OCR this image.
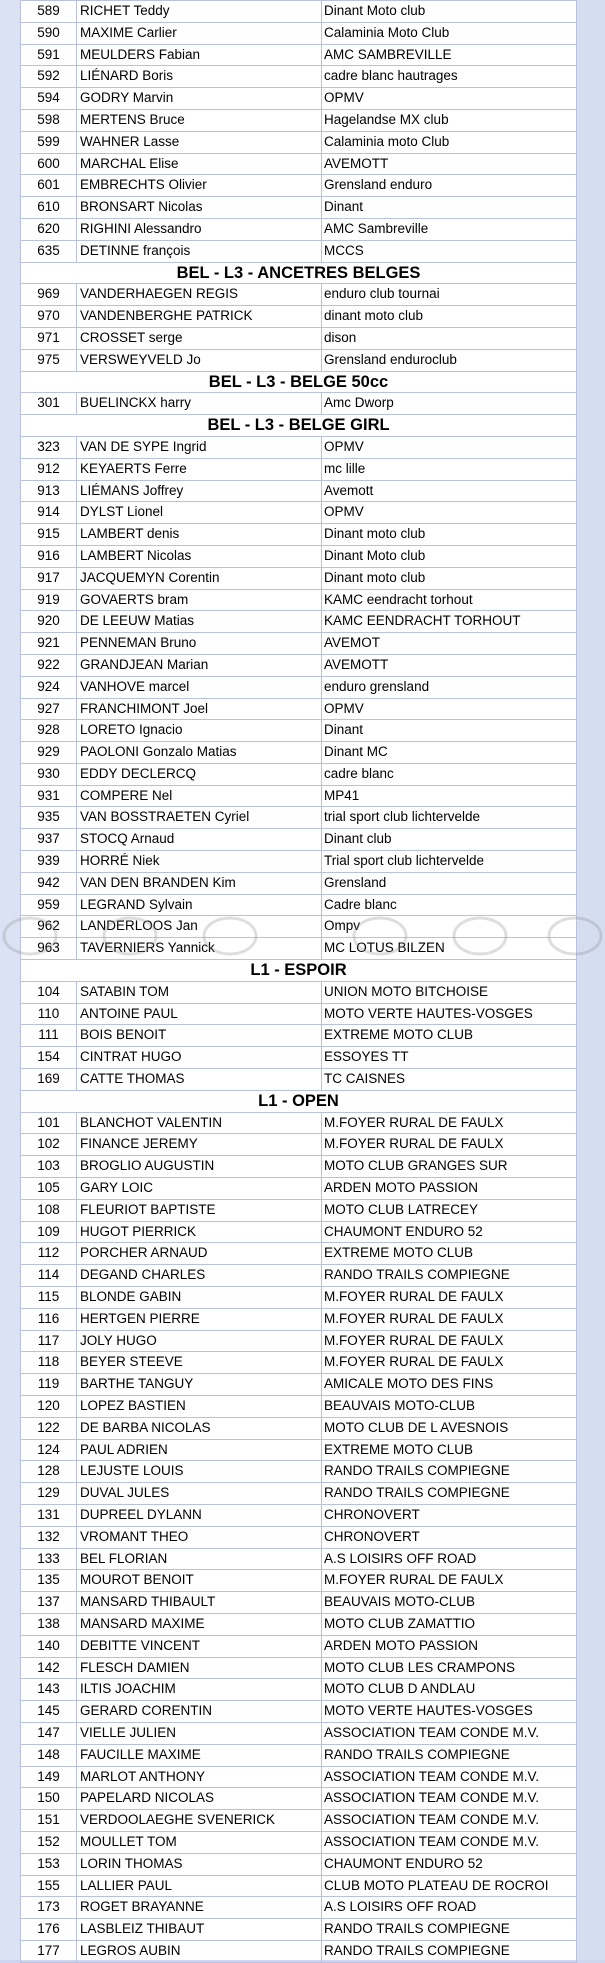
589	RICHET Teddy	Dinant Moto club
590	MAXIME Carlier	Calaminia Moto Club
591	MEULDERS Fabian	AMC SAMBREVILLE
592	LIÉNARD Boris	cadre blanc hautrages
594	GODRY Marvin	OPMV
598	MERTENS Bruce	Hagelandse MX club
599	WAHNER Lasse	Calaminia moto Club
600	MARCHAL Elise	AVEMOTT
601	EMBRECHTS Olivier	Grensland enduro
610	BRONSART Nicolas	Dinant
620	RIGHINI Alessandro	AMC Sambreville
635	DETINNE françois	MCCS
BEL - L3 - ANCETRES BELGES		
969	VANDERHAEGEN REGIS	enduro club tournai
970	VANDENBERGHE PATRICK	dinant moto club
971	CROSSET serge	dison
975	VERSWEYVELD Jo	Grensland enduroclub
BEL - L3 - BELGE 50cc		
301	BUELINCKX harry	Amc Dworp
BEL - L3 - BELGE GIRL		
323	VAN DE SYPE Ingrid	OPMV
912	KEYAERTS Ferre	mc lille
913	LIÉMANS Joffrey	Avemott
914	DYLST Lionel	OPMV
915	LAMBERT denis	Dinant moto club
916	LAMBERT Nicolas	Dinant Moto club
917	JACQUEMYN Corentin	Dinant moto club
919	GOVAERTS bram	KAMC eendracht torhout
920	DE LEEUW Matias	KAMC EENDRACHT TORHOUT
921	PENNEMAN Bruno	AVEMOT
922	GRANDJEAN Marian	AVEMOTT
924	VANHOVE marcel	enduro grensland
927	FRANCHIMONT Joel	OPMV
928	LORETO Ignacio	Dinant
929	PAOLONI Gonzalo Matias	Dinant MC
930	EDDY DECLERCQ	cadre blanc
931	COMPERE Nel	MP41
935	VAN BOSSTRAETEN Cyriel	trial sport club lichtervelde
937	STOCQ Arnaud	Dinant club
939	HORRÉ Niek	Trial sport club lichtervelde
942	VAN DEN BRANDEN Kim	Grensland
959	LEGRAND Sylvain	Cadre blanc
962	LANDERLOOS Jan	Ompv
963	TAVERNIERS Yannick	MC LOTUS BILZEN
L1 - ESPOIR		
104	SATABIN TOM	UNION MOTO BITCHOISE
110	ANTOINE PAUL	MOTO VERTE HAUTES-VOSGES
111	BOIS BENOIT	EXTREME MOTO CLUB
154	CINTRAT HUGO	ESSOYES TT
169	CATTE THOMAS	TC CAISNES
L1 - OPEN		
101	BLANCHOT VALENTIN	M.FOYER RURAL DE FAULX
102	FINANCE JEREMY	M.FOYER RURAL DE FAULX
103	BROGLIO AUGUSTIN	MOTO CLUB GRANGES SUR
105	GARY LOIC	ARDEN MOTO PASSION
108	FLEURIOT BAPTISTE	MOTO CLUB LATRECEY
109	HUGOT PIERRICK	CHAUMONT ENDURO 52
112	PORCHER ARNAUD	EXTREME MOTO CLUB
114	DEGAND CHARLES	RANDO TRAILS COMPIEGNE
115	BLONDE GABIN	M.FOYER RURAL DE FAULX
116	HERTGEN PIERRE	M.FOYER RURAL DE FAULX
117	JOLY HUGO	M.FOYER RURAL DE FAULX
118	BEYER STEEVE	M.FOYER RURAL DE FAULX
119	BARTHE TANGUY	AMICALE MOTO DES FINS
120	LOPEZ BASTIEN	BEAUVAIS MOTO-CLUB
122	DE BARBA NICOLAS	MOTO CLUB DE L AVESNOIS
124	PAUL ADRIEN	EXTREME MOTO CLUB
128	LEJUSTE LOUIS	RANDO TRAILS COMPIEGNE
129	DUVAL JULES	RANDO TRAILS COMPIEGNE
131	DUPREEL DYLANN	CHRONOVERT
132	VROMANT THEO	CHRONOVERT
133	BEL FLORIAN	A.S LOISIRS OFF ROAD
135	MOUROT BENOIT	M.FOYER RURAL DE FAULX
137	MANSARD THIBAULT	BEAUVAIS MOTO-CLUB
138	MANSARD MAXIME	MOTO CLUB ZAMATTIO
140	DEBITTE VINCENT	ARDEN MOTO PASSION
142	FLESCH DAMIEN	MOTO CLUB LES CRAMPONS
143	ILTIS JOACHIM	MOTO CLUB D ANDLAU
145	GERARD CORENTIN	MOTO VERTE HAUTES-VOSGES
147	VIELLE JULIEN	ASSOCIATION TEAM CONDE M.V.
148	FAUCILLE MAXIME	RANDO TRAILS COMPIEGNE
149	MARLOT ANTHONY	ASSOCIATION TEAM CONDE M.V.
150	PAPELARD NICOLAS	ASSOCIATION TEAM CONDE M.V.
151	VERDOOLAEGHE SVENERICK	ASSOCIATION TEAM CONDE M.V.
152	MOULLET TOM	ASSOCIATION TEAM CONDE M.V.
153	LORIN THOMAS	CHAUMONT ENDURO 52
155	LALLIER PAUL	CLUB MOTO PLATEAU DE ROCROI
173	ROGET BRAYANNE	A.S LOISIRS OFF ROAD
176	LASBLEIZ THIBAUT	RANDO TRAILS COMPIEGNE
177	LEGROS AUBIN	RANDO TRAILS COMPIEGNE
